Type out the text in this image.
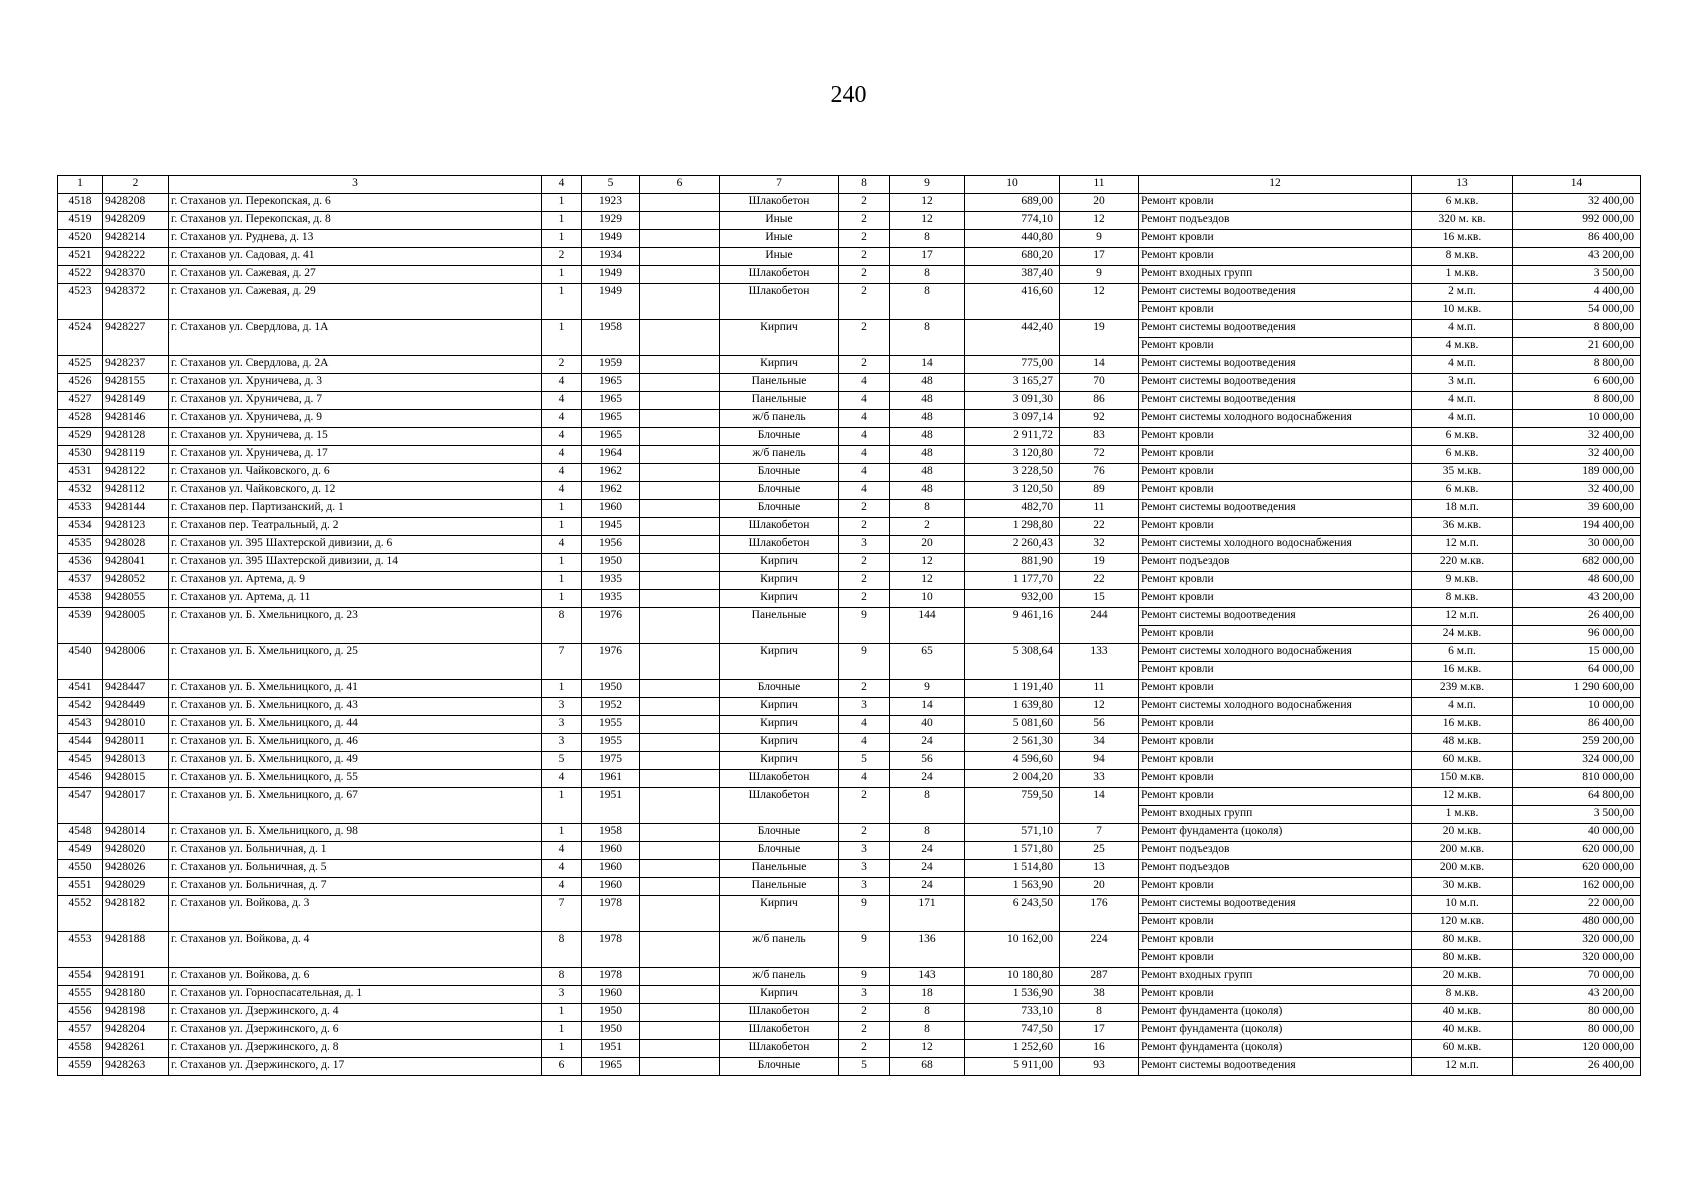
240
1	2	3	4	5	6	7	8	9	10	11	12	13	14
4518	9428208	г. Стаханов ул. Перекопская, д. 6	1	1923		Шлакобетон	2	12	689,00	20	Ремонт кровли	6 м.кв.	32 400,00
4519	9428209	г. Стаханов ул. Перекопская, д. 8	1	1929		Иные	2	12	774,10	12	Ремонт подъездов	320 м. кв.	992 000,00
4520	9428214	г. Стаханов ул. Руднева, д. 13	1	1949		Иные	2	8	440,80	9	Ремонт кровли	16 м.кв.	86 400,00
4521	9428222	г. Стаханов ул. Садовая, д. 41	2	1934		Иные	2	17	680,20	17	Ремонт кровли	8 м.кв.	43 200,00
4522	9428370	г. Стаханов ул. Сажевая, д. 27	1	1949		Шлакобетон	2	8	387,40	9	Ремонт входных групп	1 м.кв.	3 500,00
4523	9428372	г. Стаханов ул. Сажевая, д. 29	1	1949		Шлакобетон	2	8	416,60	12	Ремонт системы водоотведения	2 м.п.	4 400,00
											Ремонт кровли	10 м.кв.	54 000,00
4524	9428227	г. Стаханов ул. Свердлова, д. 1А	1	1958		Кирпич	2	8	442,40	19	Ремонт системы водоотведения	4 м.п.	8 800,00
											Ремонт кровли	4 м.кв.	21 600,00
4525	9428237	г. Стаханов ул. Свердлова, д. 2А	2	1959		Кирпич	2	14	775,00	14	Ремонт системы водоотведения	4 м.п.	8 800,00
4526	9428155	г. Стаханов ул. Хруничева, д. 3	4	1965		Панельные	4	48	3 165,27	70	Ремонт системы водоотведения	3 м.п.	6 600,00
4527	9428149	г. Стаханов ул. Хруничева, д. 7	4	1965		Панельные	4	48	3 091,30	86	Ремонт системы водоотведения	4 м.п.	8 800,00
4528	9428146	г. Стаханов ул. Хруничева, д. 9	4	1965		ж/б панель	4	48	3 097,14	92	Ремонт системы холодного водоснабжения	4 м.п.	10 000,00
4529	9428128	г. Стаханов ул. Хруничева, д. 15	4	1965		Блочные	4	48	2 911,72	83	Ремонт кровли	6 м.кв.	32 400,00
4530	9428119	г. Стаханов ул. Хруничева, д. 17	4	1964		ж/б панель	4	48	3 120,80	72	Ремонт кровли	6 м.кв.	32 400,00
4531	9428122	г. Стаханов ул. Чайковского, д. 6	4	1962		Блочные	4	48	3 228,50	76	Ремонт кровли	35 м.кв.	189 000,00
4532	9428112	г. Стаханов ул. Чайковского, д. 12	4	1962		Блочные	4	48	3 120,50	89	Ремонт кровли	6 м.кв.	32 400,00
4533	9428144	г. Стаханов пер. Партизанский, д. 1	1	1960		Блочные	2	8	482,70	11	Ремонт системы водоотведения	18 м.п.	39 600,00
4534	9428123	г. Стаханов пер. Театральный, д. 2	1	1945		Шлакобетон	2	2	1 298,80	22	Ремонт кровли	36 м.кв.	194 400,00
4535	9428028	г. Стаханов ул. 395 Шахтерской дивизии, д. 6	4	1956		Шлакобетон	3	20	2 260,43	32	Ремонт системы холодного водоснабжения	12 м.п.	30 000,00
4536	9428041	г. Стаханов ул. 395 Шахтерской дивизии, д. 14	1	1950		Кирпич	2	12	881,90	19	Ремонт подъездов	220 м.кв.	682 000,00
4537	9428052	г. Стаханов ул. Артема, д. 9	1	1935		Кирпич	2	12	1 177,70	22	Ремонт кровли	9 м.кв.	48 600,00
4538	9428055	г. Стаханов ул. Артема, д. 11	1	1935		Кирпич	2	10	932,00	15	Ремонт кровли	8 м.кв.	43 200,00
4539	9428005	г. Стаханов ул. Б. Хмельницкого, д. 23	8	1976		Панельные	9	144	9 461,16	244	Ремонт системы водоотведения	12 м.п.	26 400,00
											Ремонт кровли	24 м.кв.	96 000,00
4540	9428006	г. Стаханов ул. Б. Хмельницкого, д. 25	7	1976		Кирпич	9	65	5 308,64	133	Ремонт системы холодного водоснабжения	6 м.п.	15 000,00
											Ремонт кровли	16 м.кв.	64 000,00
4541	9428447	г. Стаханов ул. Б. Хмельницкого, д. 41	1	1950		Блочные	2	9	1 191,40	11	Ремонт кровли	239 м.кв.	1 290 600,00
4542	9428449	г. Стаханов ул. Б. Хмельницкого, д. 43	3	1952		Кирпич	3	14	1 639,80	12	Ремонт системы холодного водоснабжения	4 м.п.	10 000,00
4543	9428010	г. Стаханов ул. Б. Хмельницкого, д. 44	3	1955		Кирпич	4	40	5 081,60	56	Ремонт кровли	16 м.кв.	86 400,00
4544	9428011	г. Стаханов ул. Б. Хмельницкого, д. 46	3	1955		Кирпич	4	24	2 561,30	34	Ремонт кровли	48 м.кв.	259 200,00
4545	9428013	г. Стаханов ул. Б. Хмельницкого, д. 49	5	1975		Кирпич	5	56	4 596,60	94	Ремонт кровли	60 м.кв.	324 000,00
4546	9428015	г. Стаханов ул. Б. Хмельницкого, д. 55	4	1961		Шлакобетон	4	24	2 004,20	33	Ремонт кровли	150 м.кв.	810 000,00
4547	9428017	г. Стаханов ул. Б. Хмельницкого, д. 67	1	1951		Шлакобетон	2	8	759,50	14	Ремонт кровли	12 м.кв.	64 800,00
											Ремонт входных групп	1 м.кв.	3 500,00
4548	9428014	г. Стаханов ул. Б. Хмельницкого, д. 98	1	1958		Блочные	2	8	571,10	7	Ремонт фундамента (цоколя)	20 м.кв.	40 000,00
4549	9428020	г. Стаханов ул. Больничная, д. 1	4	1960		Блочные	3	24	1 571,80	25	Ремонт подъездов	200 м.кв.	620 000,00
4550	9428026	г. Стаханов ул. Больничная, д. 5	4	1960		Панельные	3	24	1 514,80	13	Ремонт подъездов	200 м.кв.	620 000,00
4551	9428029	г. Стаханов ул. Больничная, д. 7	4	1960		Панельные	3	24	1 563,90	20	Ремонт кровли	30 м.кв.	162 000,00
4552	9428182	г. Стаханов ул. Войкова, д. 3	7	1978		Кирпич	9	171	6 243,50	176	Ремонт системы водоотведения	10 м.п.	22 000,00
											Ремонт кровли	120 м.кв.	480 000,00
4553	9428188	г. Стаханов ул. Войкова, д. 4	8	1978		ж/б панель	9	136	10 162,00	224	Ремонт кровли	80 м.кв.	320 000,00
											Ремонт кровли	80 м.кв.	320 000,00
4554	9428191	г. Стаханов ул. Войкова, д. 6	8	1978		ж/б панель	9	143	10 180,80	287	Ремонт входных групп	20 м.кв.	70 000,00
4555	9428180	г. Стаханов ул. Горноспасательная, д. 1	3	1960		Кирпич	3	18	1 536,90	38	Ремонт кровли	8 м.кв.	43 200,00
4556	9428198	г. Стаханов ул. Дзержинского, д. 4	1	1950		Шлакобетон	2	8	733,10	8	Ремонт фундамента (цоколя)	40 м.кв.	80 000,00
4557	9428204	г. Стаханов ул. Дзержинского, д. 6	1	1950		Шлакобетон	2	8	747,50	17	Ремонт фундамента (цоколя)	40 м.кв.	80 000,00
4558	9428261	г. Стаханов ул. Дзержинского, д. 8	1	1951		Шлакобетон	2	12	1 252,60	16	Ремонт фундамента (цоколя)	60 м.кв.	120 000,00
4559	9428263	г. Стаханов ул. Дзержинского, д. 17	6	1965		Блочные	5	68	5 911,00	93	Ремонт системы водоотведения	12 м.п.	26 400,00
